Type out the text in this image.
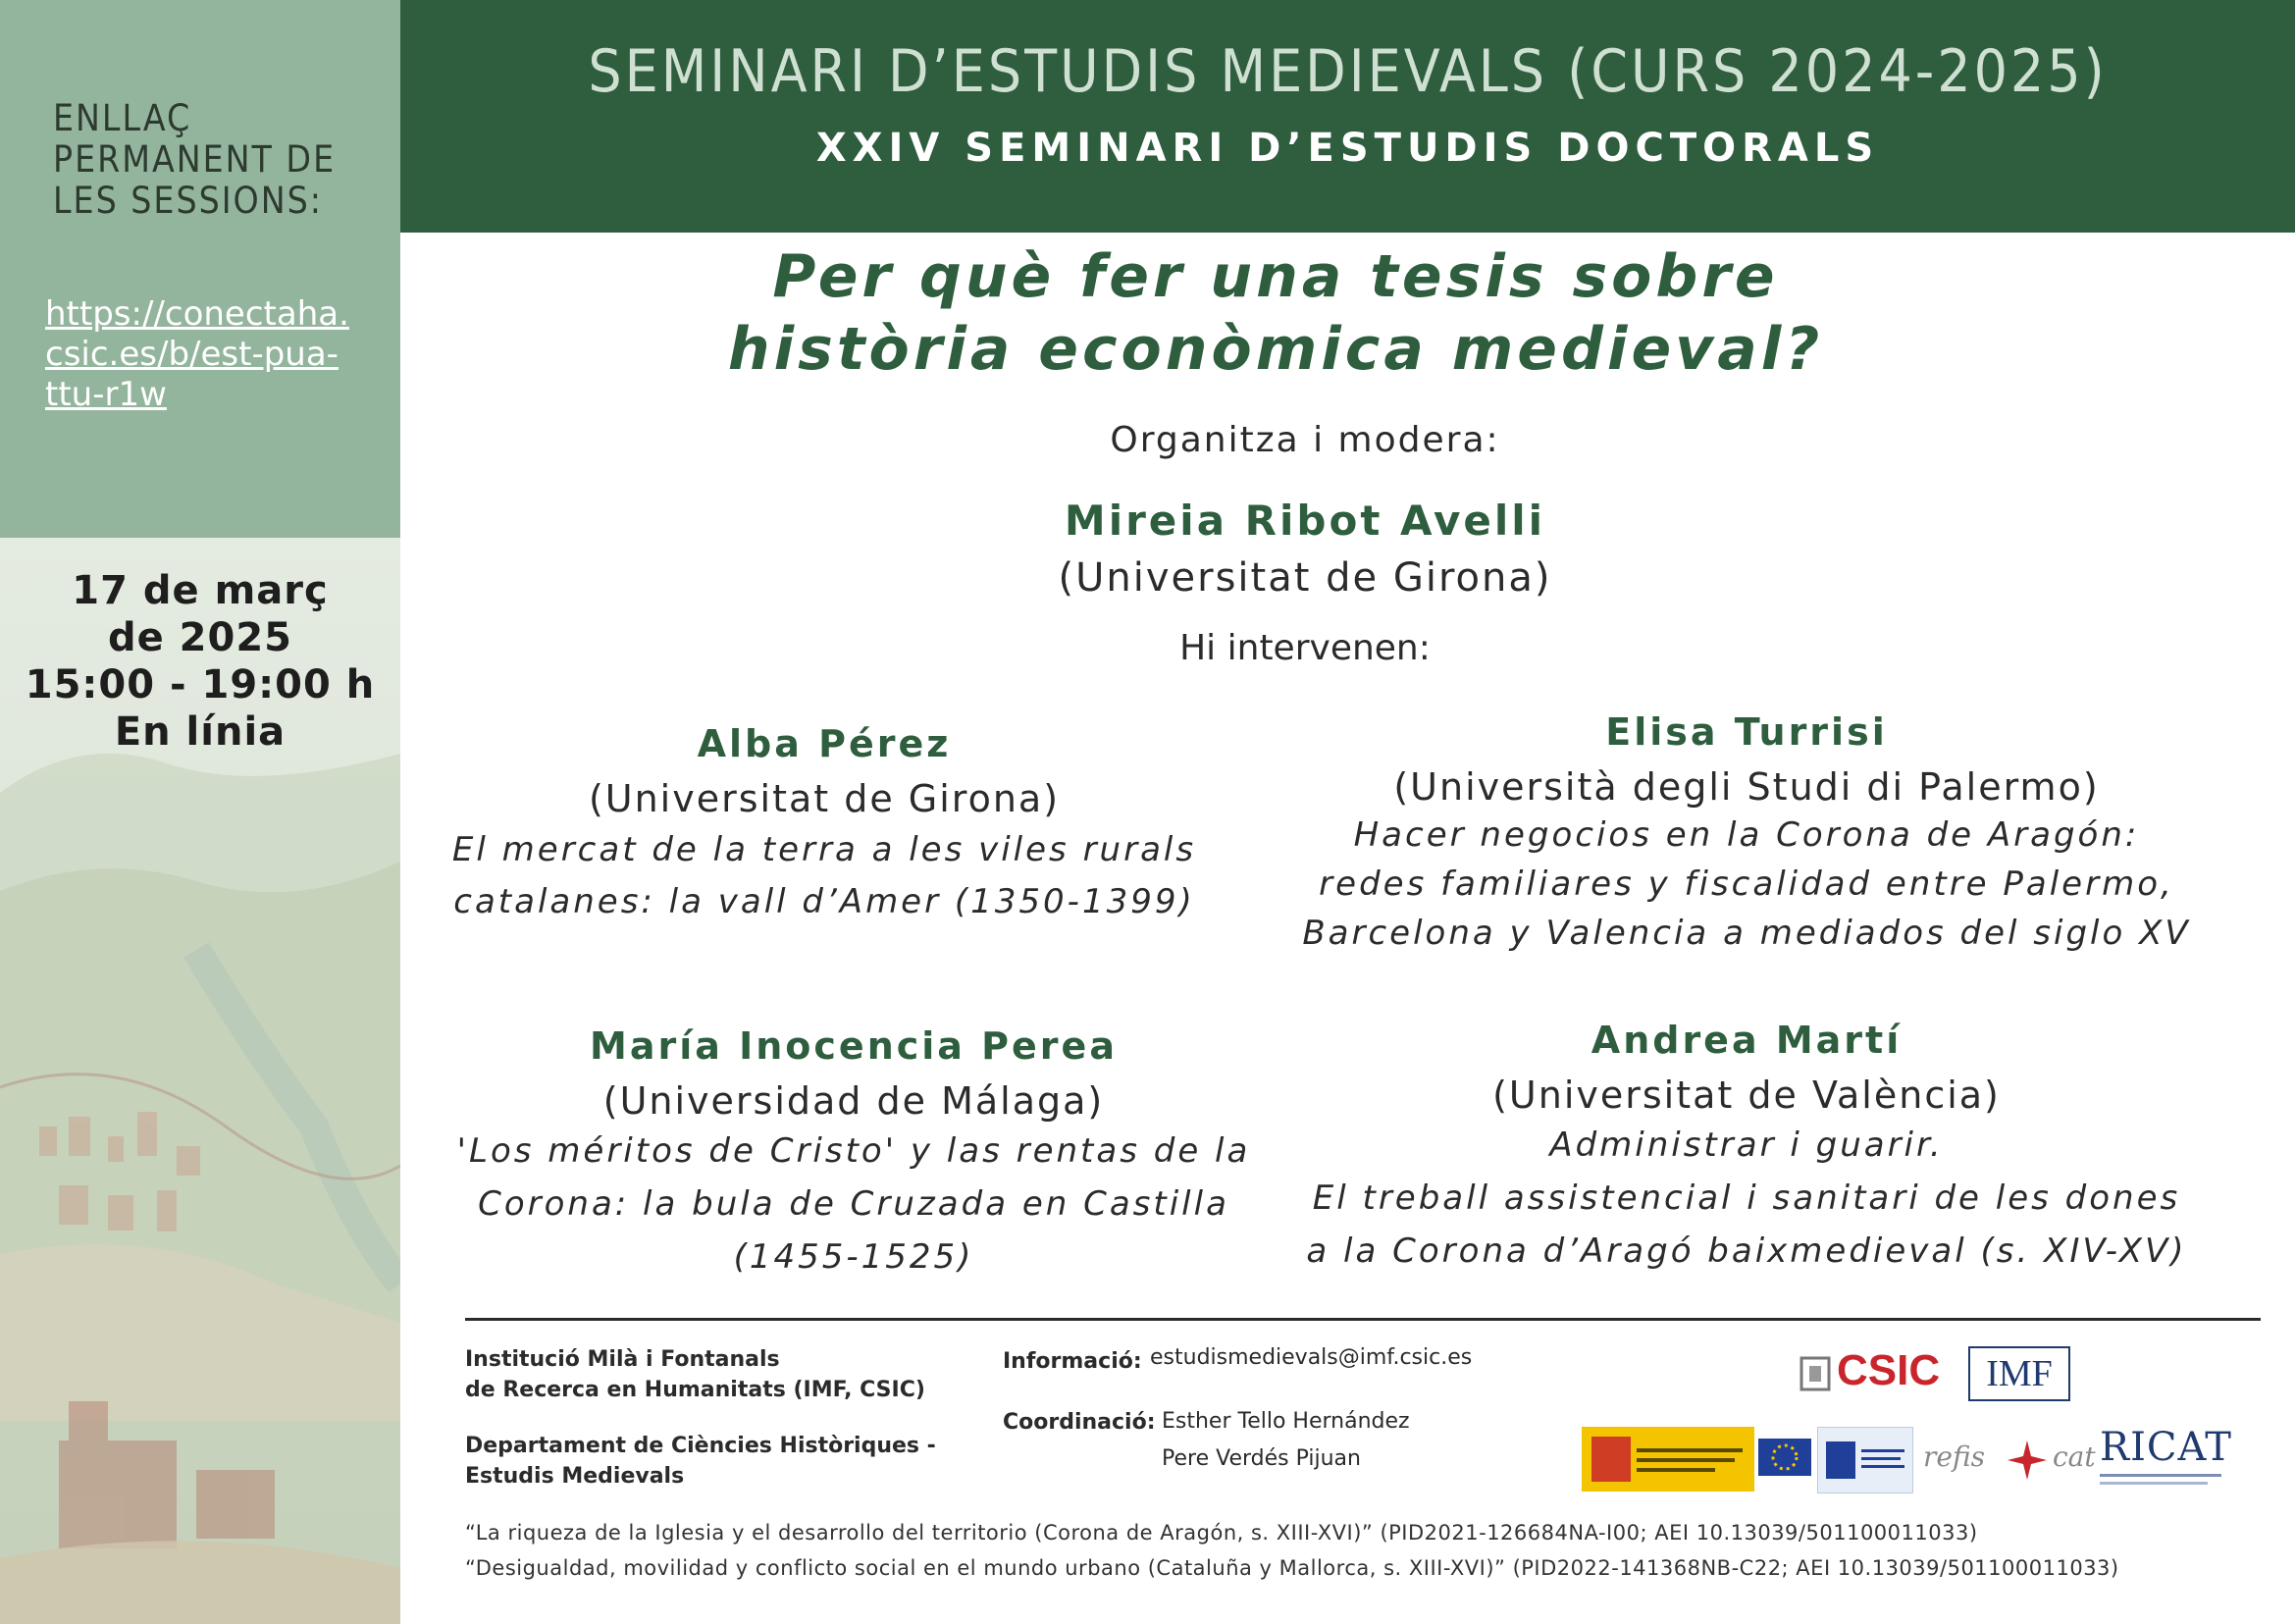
ENLLAÇ
PERMANENT DE
LES SESSIONS:
https://conectaha.
csic.es/b/est-pua-
ttu-r1w
17 de març
de 2025
15:00 - 19:00 h
En línia
SEMINARI D’ESTUDIS MEDIEVALS (CURS 2024-2025)
XXIV SEMINARI D’ESTUDIS DOCTORALS
Per què fer una tesis sobre
història econòmica medieval?
Organitza i modera:
Mireia Ribot Avelli
(Universitat de Girona)
Hi intervenen:
Alba Pérez
(Universitat de Girona)
El mercat de la terra a les viles rurals
catalanes: la vall d’Amer (1350-1399)
Elisa Turrisi
(Università degli Studi di Palermo)
Hacer negocios en la Corona de Aragón:
redes familiares y fiscalidad entre Palermo,
Barcelona y Valencia a mediados del siglo XV
María Inocencia Perea
(Universidad de Málaga)
'Los méritos de Cristo' y las rentas de la
Corona: la bula de Cruzada en Castilla
(1455-1525)
Andrea Martí
(Universitat de València)
Administrar i guarir.
El treball assistencial i sanitari de les dones
a la Corona d’Aragó baixmedieval (s. XIV-XV)
Institució Milà i Fontanals
de Recerca en Humanitats (IMF, CSIC)
Departament de Ciències Històriques -
Estudis Medievals
Informació: estudismedievals@imf.csic.es
Coordinació: Esther Tello Hernández
Pere Verdés Pijuan
“La riqueza de la Iglesia y el desarrollo del territorio (Corona de Aragón, s. XIII-XVI)” (PID2021-126684NA-I00; AEI 10.13039/501100011033)
“Desigualdad, movilidad y conflicto social en el mundo urbano (Cataluña y Mallorca, s. XIII-XVI)” (PID2022-141368NB-C22; AEI 10.13039/501100011033)
CSIC	IMF
refis cat RICAT
